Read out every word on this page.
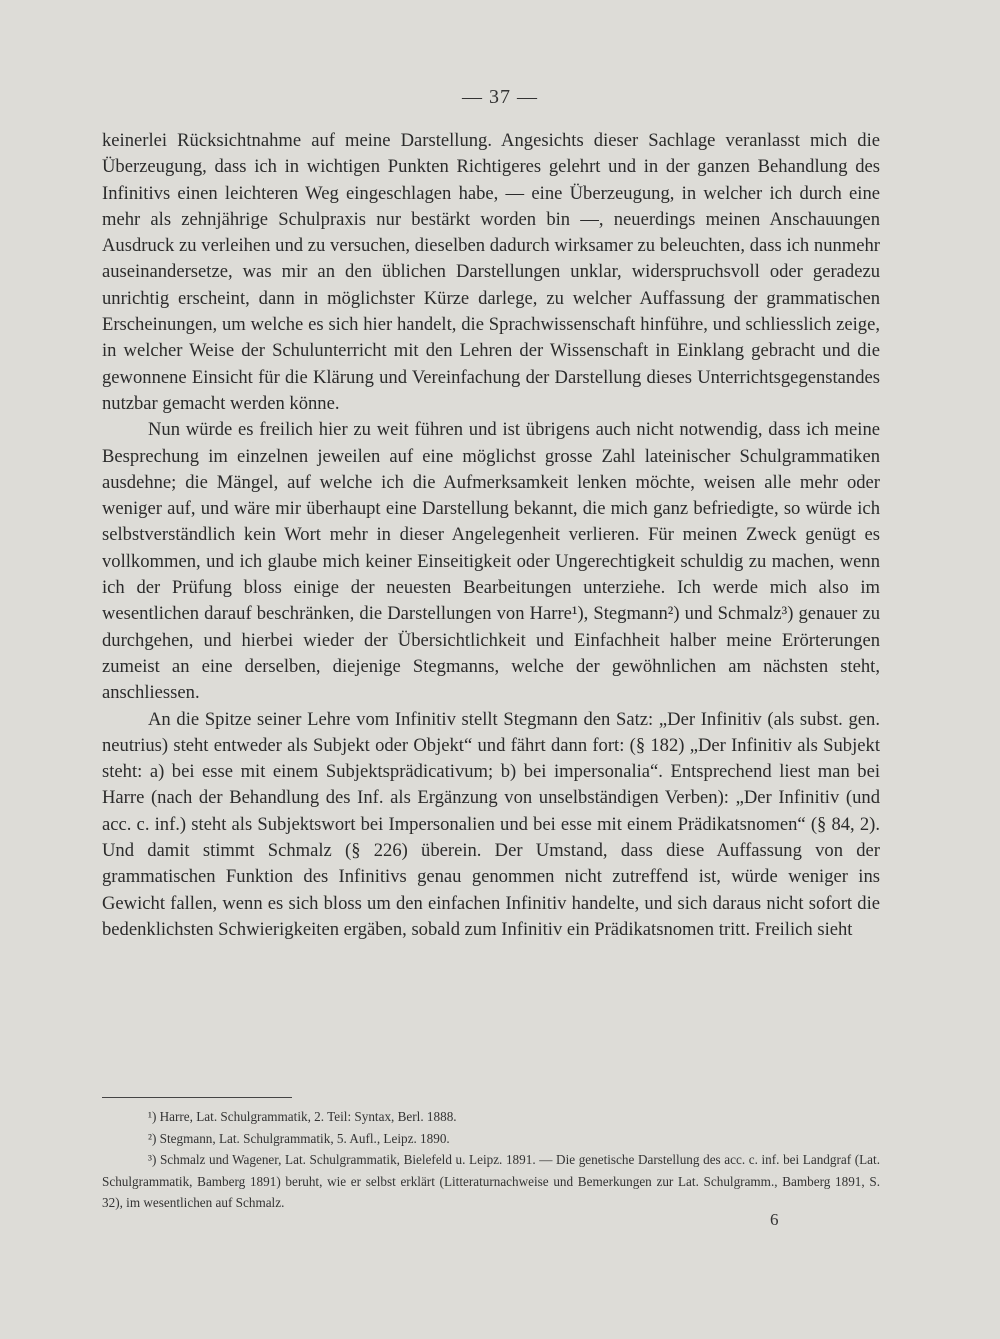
— 37 —

keinerlei Rücksichtnahme auf meine Darstellung. Angesichts dieser Sachlage veranlasst mich die Überzeugung, dass ich in wichtigen Punkten Richtigeres gelehrt und in der ganzen Behandlung des Infinitivs einen leichteren Weg eingeschlagen habe, — eine Überzeugung, in welcher ich durch eine mehr als zehnjährige Schulpraxis nur bestärkt worden bin —, neuerdings meinen Anschauungen Ausdruck zu verleihen und zu versuchen, dieselben dadurch wirksamer zu beleuchten, dass ich nunmehr auseinandersetze, was mir an den üblichen Darstellungen unklar, widerspruchsvoll oder geradezu unrichtig erscheint, dann in möglichster Kürze darlege, zu welcher Auffassung der grammatischen Erscheinungen, um welche es sich hier handelt, die Sprachwissenschaft hinführe, und schliesslich zeige, in welcher Weise der Schulunterricht mit den Lehren der Wissenschaft in Einklang gebracht und die gewonnene Einsicht für die Klärung und Vereinfachung der Darstellung dieses Unterrichtsgegenstandes nutzbar gemacht werden könne.

Nun würde es freilich hier zu weit führen und ist übrigens auch nicht notwendig, dass ich meine Besprechung im einzelnen jeweilen auf eine möglichst grosse Zahl lateinischer Schulgrammatiken ausdehne; die Mängel, auf welche ich die Aufmerksamkeit lenken möchte, weisen alle mehr oder weniger auf, und wäre mir überhaupt eine Darstellung bekannt, die mich ganz befriedigte, so würde ich selbstverständlich kein Wort mehr in dieser Angelegenheit verlieren. Für meinen Zweck genügt es vollkommen, und ich glaube mich keiner Einseitigkeit oder Ungerechtigkeit schuldig zu machen, wenn ich der Prüfung bloss einige der neuesten Bearbeitungen unterziehe. Ich werde mich also im wesentlichen darauf beschränken, die Darstellungen von Harre¹), Stegmann²) und Schmalz³) genauer zu durchgehen, und hierbei wieder der Übersichtlichkeit und Einfachheit halber meine Erörterungen zumeist an eine derselben, diejenige Stegmanns, welche der gewöhnlichen am nächsten steht, anschliessen.

An die Spitze seiner Lehre vom Infinitiv stellt Stegmann den Satz: „Der Infinitiv (als subst. gen. neutrius) steht entweder als Subjekt oder Objekt“ und fährt dann fort: (§ 182) „Der Infinitiv als Subjekt steht: a) bei esse mit einem Subjektsprädicativum; b) bei impersonalia“. Entsprechend liest man bei Harre (nach der Behandlung des Inf. als Ergänzung von unselbständigen Verben): „Der Infinitiv (und acc. c. inf.) steht als Subjektswort bei Impersonalien und bei esse mit einem Prädikatsnomen“ (§ 84, 2). Und damit stimmt Schmalz (§ 226) überein. Der Umstand, dass diese Auffassung von der grammatischen Funktion des Infinitivs genau genommen nicht zutreffend ist, würde weniger ins Gewicht fallen, wenn es sich bloss um den einfachen Infinitiv handelte, und sich daraus nicht sofort die bedenklichsten Schwierigkeiten ergäben, sobald zum Infinitiv ein Prädikatsnomen tritt. Freilich sieht

¹) Harre, Lat. Schulgrammatik, 2. Teil: Syntax, Berl. 1888.

²) Stegmann, Lat. Schulgrammatik, 5. Aufl., Leipz. 1890.

³) Schmalz und Wagener, Lat. Schulgrammatik, Bielefeld u. Leipz. 1891. — Die genetische Darstellung des acc. c. inf. bei Landgraf (Lat. Schulgrammatik, Bamberg 1891) beruht, wie er selbst erklärt (Litteraturnachweise und Bemerkungen zur Lat. Schulgramm., Bamberg 1891, S. 32), im wesentlichen auf Schmalz.

6
